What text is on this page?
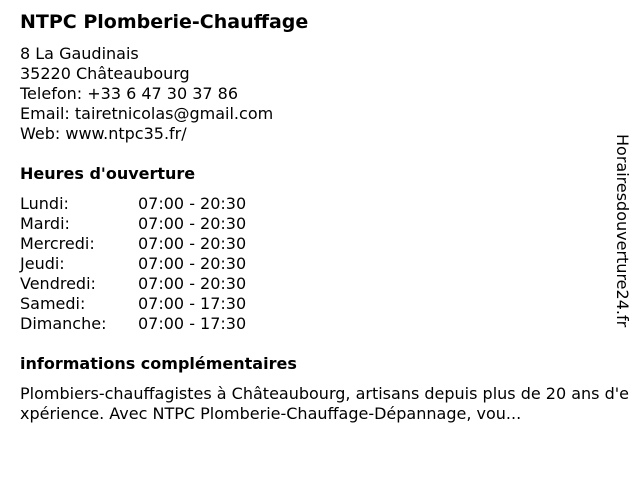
NTPC Plomberie-Chauffage
8 La Gaudinais
35220 Châteaubourg
Telefon: +33 6 47 30 37 86
Email: tairetnicolas@gmail.com
Web: www.ntpc35.fr/
Heures d'ouverture
Lundi:	07:00 - 20:30
Mardi:	07:00 - 20:30
Mercredi:	07:00 - 20:30
Jeudi:	07:00 - 20:30
Vendredi:	07:00 - 20:30
Samedi:	07:00 - 17:30
Dimanche: 07:00 - 17:30
informations complémentaires
Plombiers-chauffagistes à Châteaubourg, artisans depuis plus de 20 ans d'expérience. Avec NTPC Plomberie-Chauffage-Dépannage, vou...
Horairesdouverture24.fr
